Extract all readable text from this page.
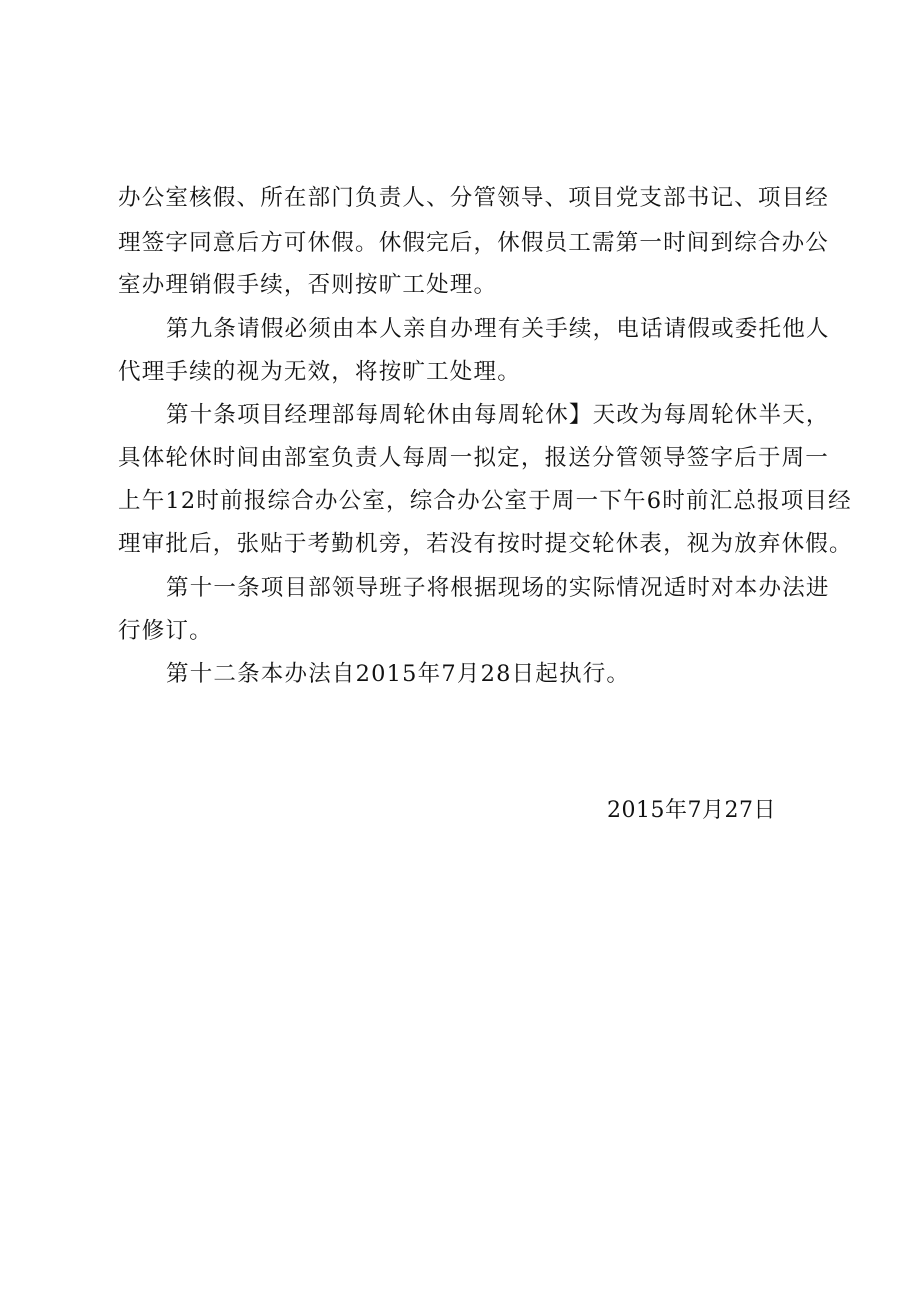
办公室核假、所在部门负责人、分管领导、项目党支部书记、项目经
理签字同意后方可休假。休假完后，休假员工需第一时间到综合办公
室办理销假手续，否则按旷工处理。
第九条请假必须由本人亲自办理有关手续，电话请假或委托他人
代理手续的视为无效，将按旷工处理。
第十条项目经理部每周轮休由每周轮休】天改为每周轮休半天，
具体轮休时间由部室负责人每周一拟定，报送分管领导签字后于周一
上午12时前报综合办公室，综合办公室于周一下午6时前汇总报项目经
理审批后，张贴于考勤机旁，若没有按时提交轮休表，视为放弃休假。
第十一条项目部领导班子将根据现场的实际情况适时对本办法进
行修订。
第十二条本办法自2015年7月28日起执行。
2015年7月27日
